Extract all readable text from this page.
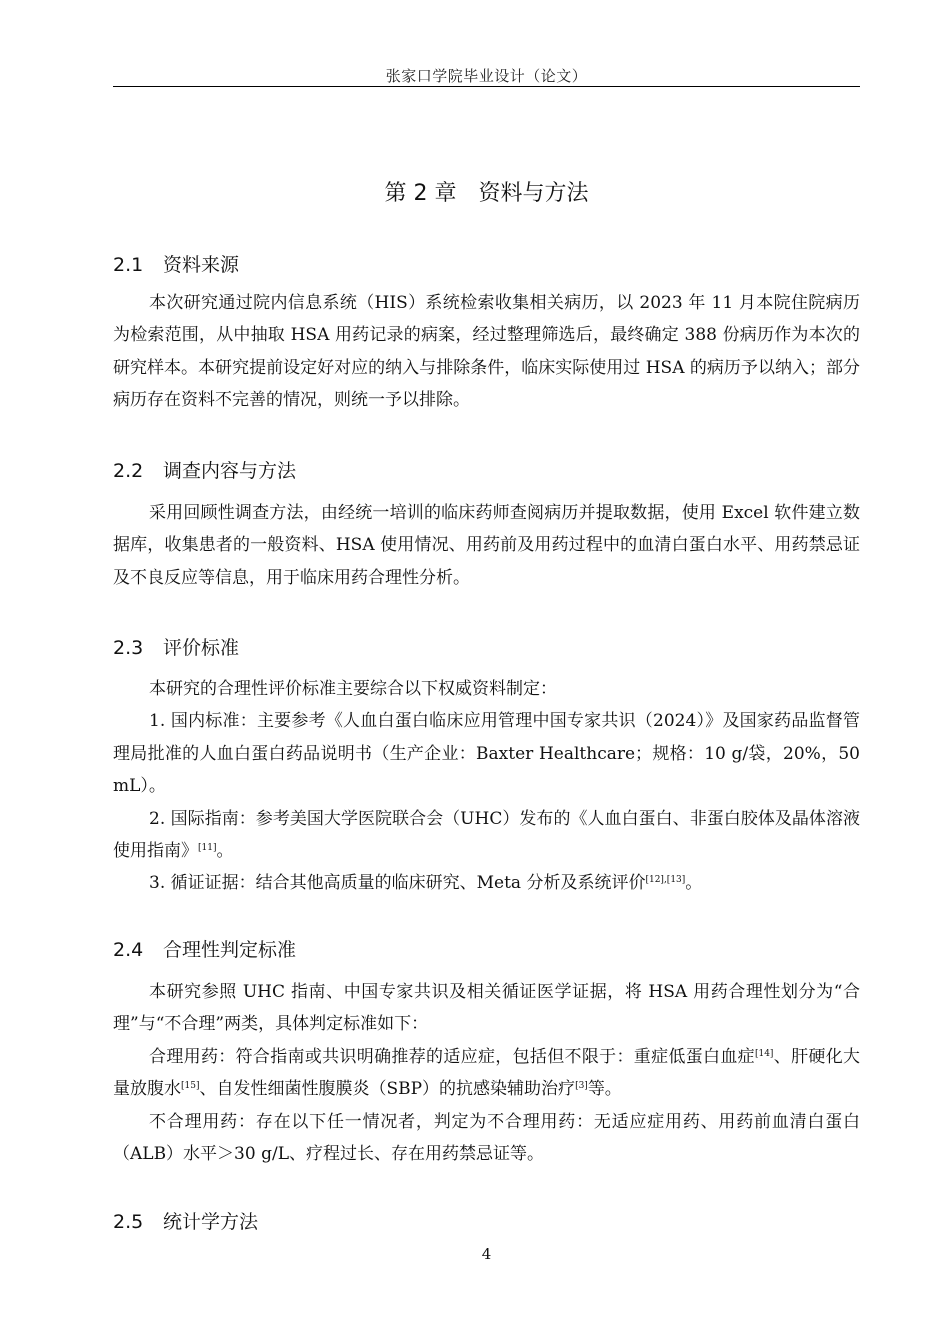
张家口学院毕业设计（论文）
第 2 章　资料与方法
2.1 资料来源

本次研究通过院内信息系统（HIS）系统检索收集相关病历，以 2023 年 11 月本院住院病历为检索范围，从中抽取 HSA 用药记录的病案，经过整理筛选后，最终确定 388 份病历作为本次的研究样本。本研究提前设定好对应的纳入与排除条件，临床实际使用过 HSA 的病历予以纳入；部分病历存在资料不完善的情况，则统一予以排除。

2.2 调查内容与方法

采用回顾性调查方法，由经统一培训的临床药师查阅病历并提取数据，使用 Excel 软件建立数据库，收集患者的一般资料、HSA 使用情况、用药前及用药过程中的血清白蛋白水平、用药禁忌证及不良反应等信息，用于临床用药合理性分析。

2.3 评价标准

本研究的合理性评价标准主要综合以下权威资料制定：

1. 国内标准：主要参考《人血白蛋白临床应用管理中国专家共识（2024）》及国家药品监督管理局批准的人血白蛋白药品说明书（生产企业：Baxter Healthcare；规格：10 g/袋，20%，50 mL）。

2. 国际指南：参考美国大学医院联合会（UHC）发布的《人血白蛋白、非蛋白胶体及晶体溶液使用指南》[11]。

3. 循证证据：结合其他高质量的临床研究、Meta 分析及系统评价[12],[13]。

2.4 合理性判定标准

本研究参照 UHC 指南、中国专家共识及相关循证医学证据，将 HSA 用药合理性划分为“合理”与“不合理”两类，具体判定标准如下：

合理用药：符合指南或共识明确推荐的适应症，包括但不限于：重症低蛋白血症[14]、肝硬化大量放腹水[15]、自发性细菌性腹膜炎（SBP）的抗感染辅助治疗[3]等。

不合理用药：存在以下任一情况者，判定为不合理用药：无适应症用药、用药前血清白蛋白（ALB）水平＞30 g/L、疗程过长、存在用药禁忌证等。

2.5 统计学方法
4
